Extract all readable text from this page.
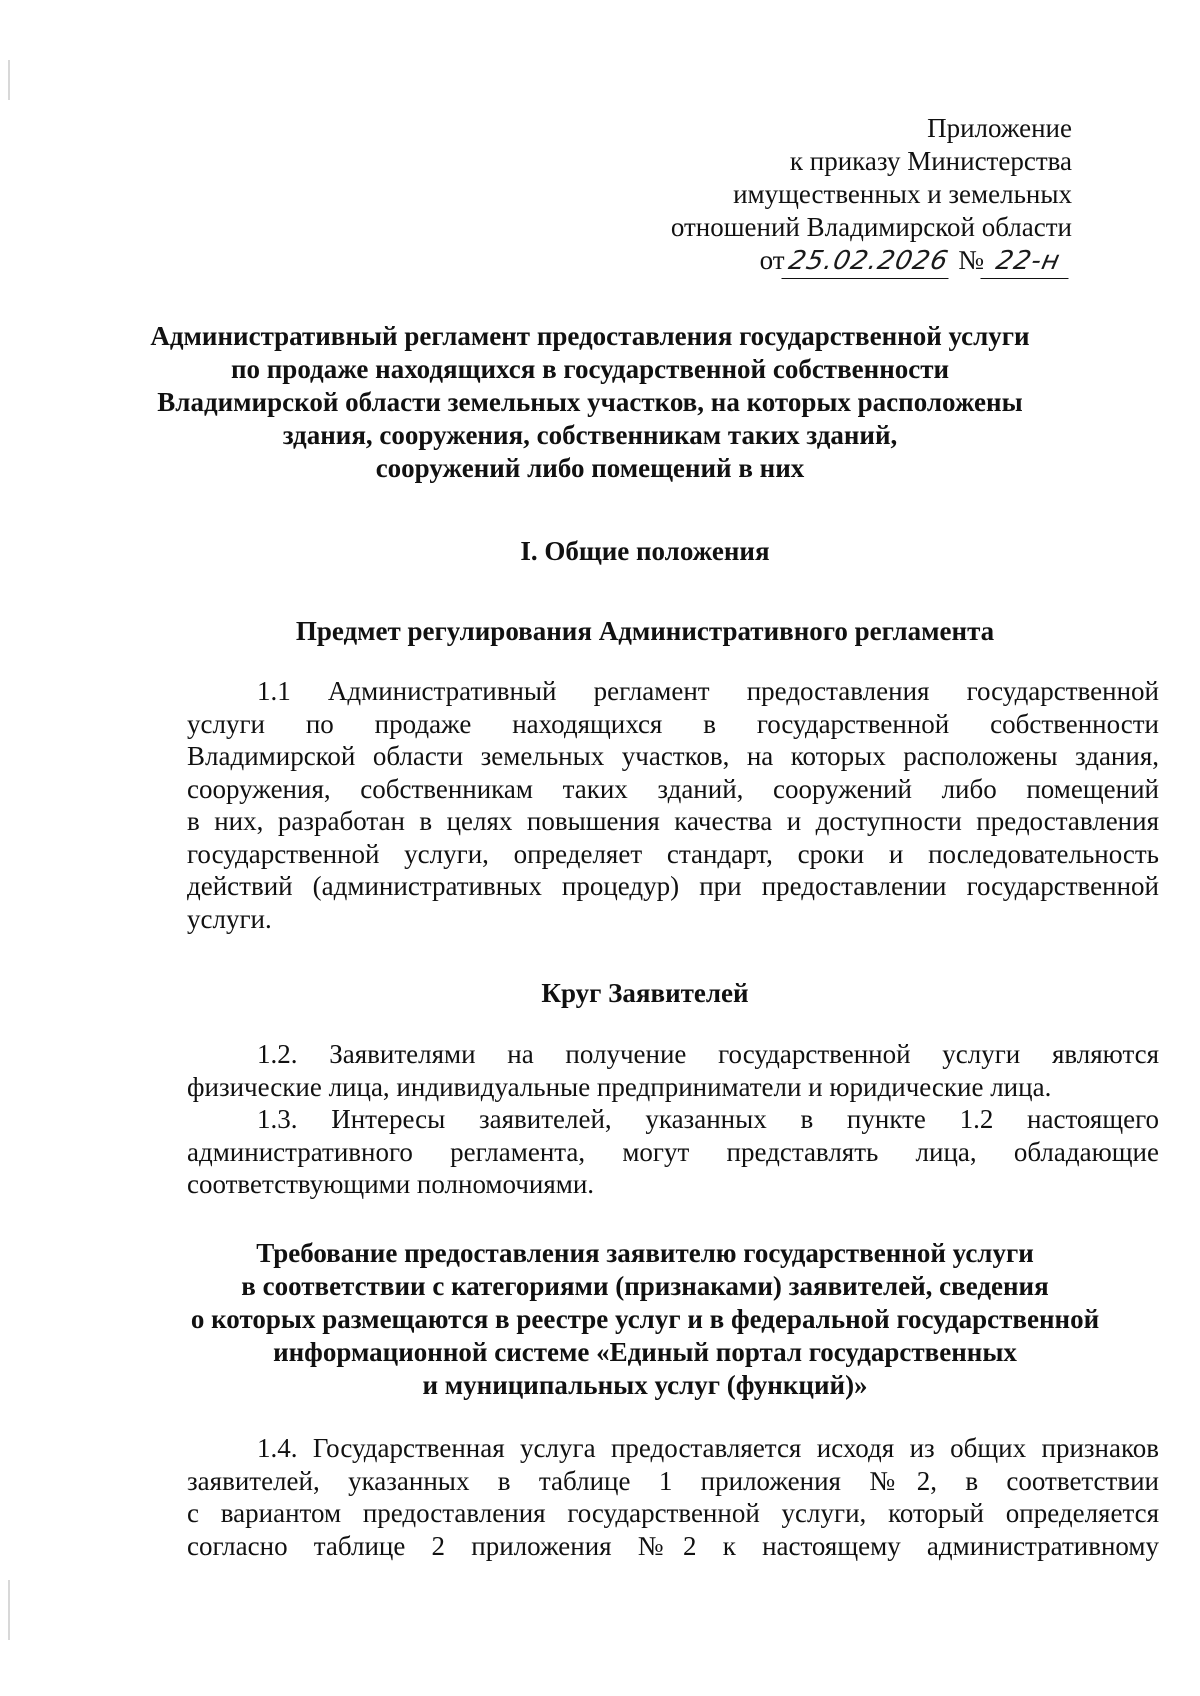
Приложение
к приказу Министерства
имущественных и земельных
отношений Владимирской области
от25.02.2026 № 22-н
Административный регламент предоставления государственной услуги
по продаже находящихся в государственной собственности
Владимирской области земельных участков, на которых расположены
здания, сооружения, собственникам таких зданий,
сооружений либо помещений в них
I. Общие положения
Предмет регулирования Административного регламента
1.1 Административный регламент предоставления государственной
услуги по продаже находящихся в государственной собственности
Владимирской области земельных участков, на которых расположены здания,
сооружения, собственникам таких зданий, сооружений либо помещений
в них, разработан в целях повышения качества и доступности предоставления
государственной услуги, определяет стандарт, сроки и последовательность
действий (административных процедур) при предоставлении государственной
услуги.
Круг Заявителей
1.2. Заявителями на получение государственной услуги являются
физические лица, индивидуальные предприниматели и юридические лица.
1.3. Интересы заявителей, указанных в пункте 1.2 настоящего
административного регламента, могут представлять лица, обладающие
соответствующими полномочиями.
Требование предоставления заявителю государственной услуги
в соответствии с категориями (признаками) заявителей, сведения
о которых размещаются в реестре услуг и в федеральной государственной
информационной системе «Единый портал государственных
и муниципальных услуг (функций)»
1.4. Государственная услуга предоставляется исходя из общих признаков
заявителей, указанных в таблице 1 приложения №2, в соответствии
с вариантом предоставления государственной услуги, который определяется
согласно таблице 2 приложения №2 к настоящему административному
